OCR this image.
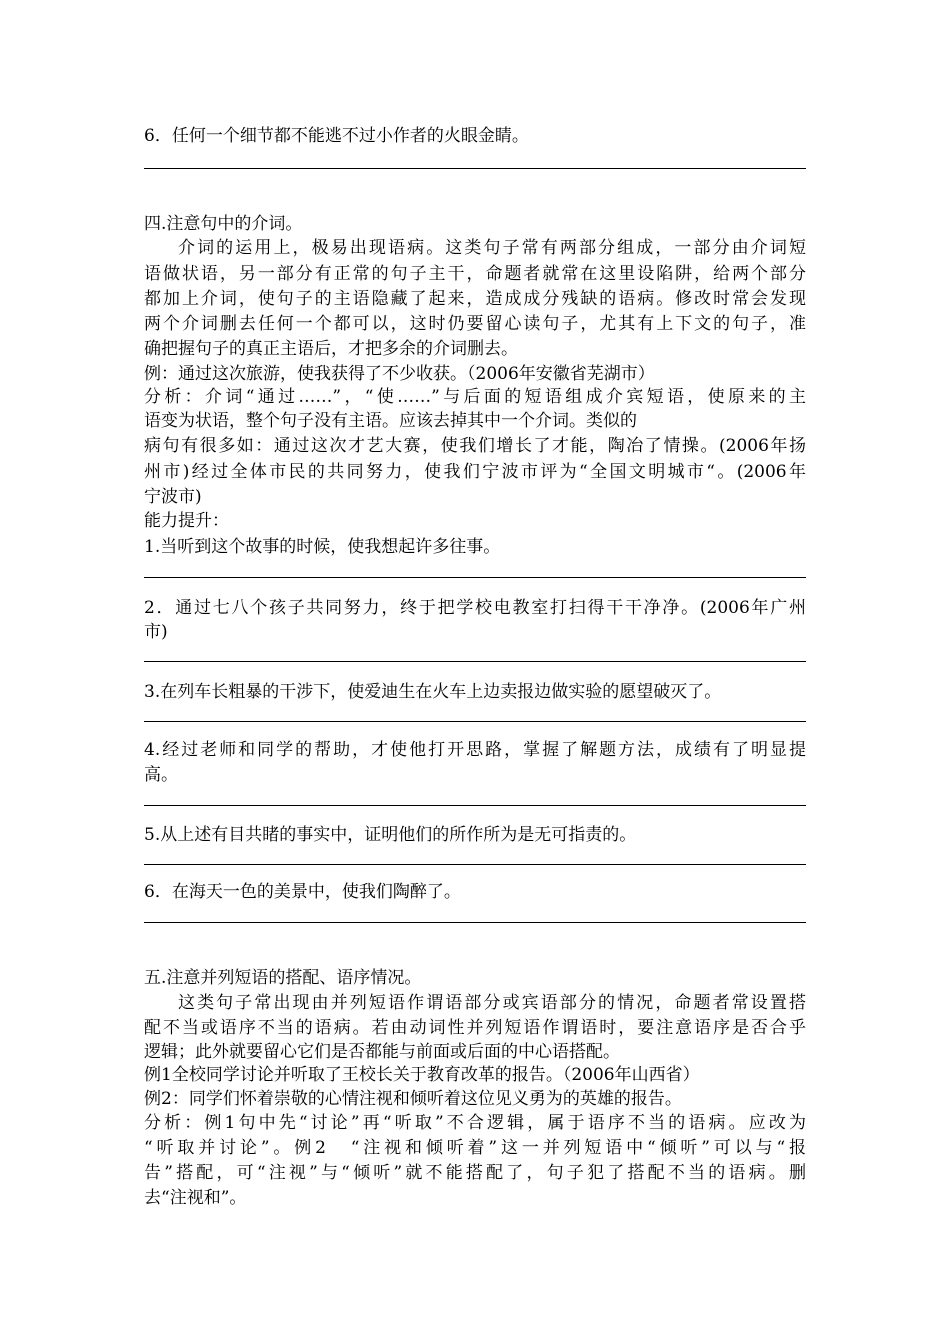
6．任何一个细节都不能逃不过小作者的火眼金睛。
四.注意句中的介词。
介词的运用上，极易出现语病。这类句子常有两部分组成，一部分由介词短
语做状语，另一部分有正常的句子主干，命题者就常在这里设陷阱，给两个部分
都加上介词，使句子的主语隐藏了起来，造成成分残缺的语病。修改时常会发现
两个介词删去任何一个都可以，这时仍要留心读句子，尤其有上下文的句子，准
确把握句子的真正主语后，才把多余的介词删去。
例：通过这次旅游，使我获得了不少收获。（2006年安徽省芜湖市）
分析：介词“通过……”，“使……”与后面的短语组成介宾短语，使原来的主
语变为状语，整个句子没有主语。应该去掉其中一个介词。类似的
病句有很多如：通过这次才艺大赛，使我们增长了才能，陶冶了情操。(2006年扬
州市)经过全体市民的共同努力，使我们宁波市评为“全国文明城市“。(2006年
宁波市)
能力提升：
1.当听到这个故事的时候，使我想起许多往事。
2．通过七八个孩子共同努力，终于把学校电教室打扫得干干净净。(2006年广州
市)
3.在列车长粗暴的干涉下，使爱迪生在火车上边卖报边做实验的愿望破灭了。
4.经过老师和同学的帮助，才使他打开思路，掌握了解题方法，成绩有了明显提
高。
5.从上述有目共睹的事实中，证明他们的所作所为是无可指责的。
6．在海天一色的美景中，使我们陶醉了。
五.注意并列短语的搭配、语序情况。
这类句子常出现由并列短语作谓语部分或宾语部分的情况，命题者常设置搭
配不当或语序不当的语病。若由动词性并列短语作谓语时，要注意语序是否合乎
逻辑；此外就要留心它们是否都能与前面或后面的中心语搭配。
例1全校同学讨论并听取了王校长关于教育改革的报告。（2006年山西省）
例2：同学们怀着崇敬的心情注视和倾听着这位见义勇为的英雄的报告。
分析：例1句中先“讨论”再“听取”不合逻辑，属于语序不当的语病。应改为
“听取并讨论”。例2　“注视和倾听着”这一并列短语中“倾听”可以与“报
告”搭配，可“注视”与“倾听”就不能搭配了，句子犯了搭配不当的语病。删
去“注视和”。
